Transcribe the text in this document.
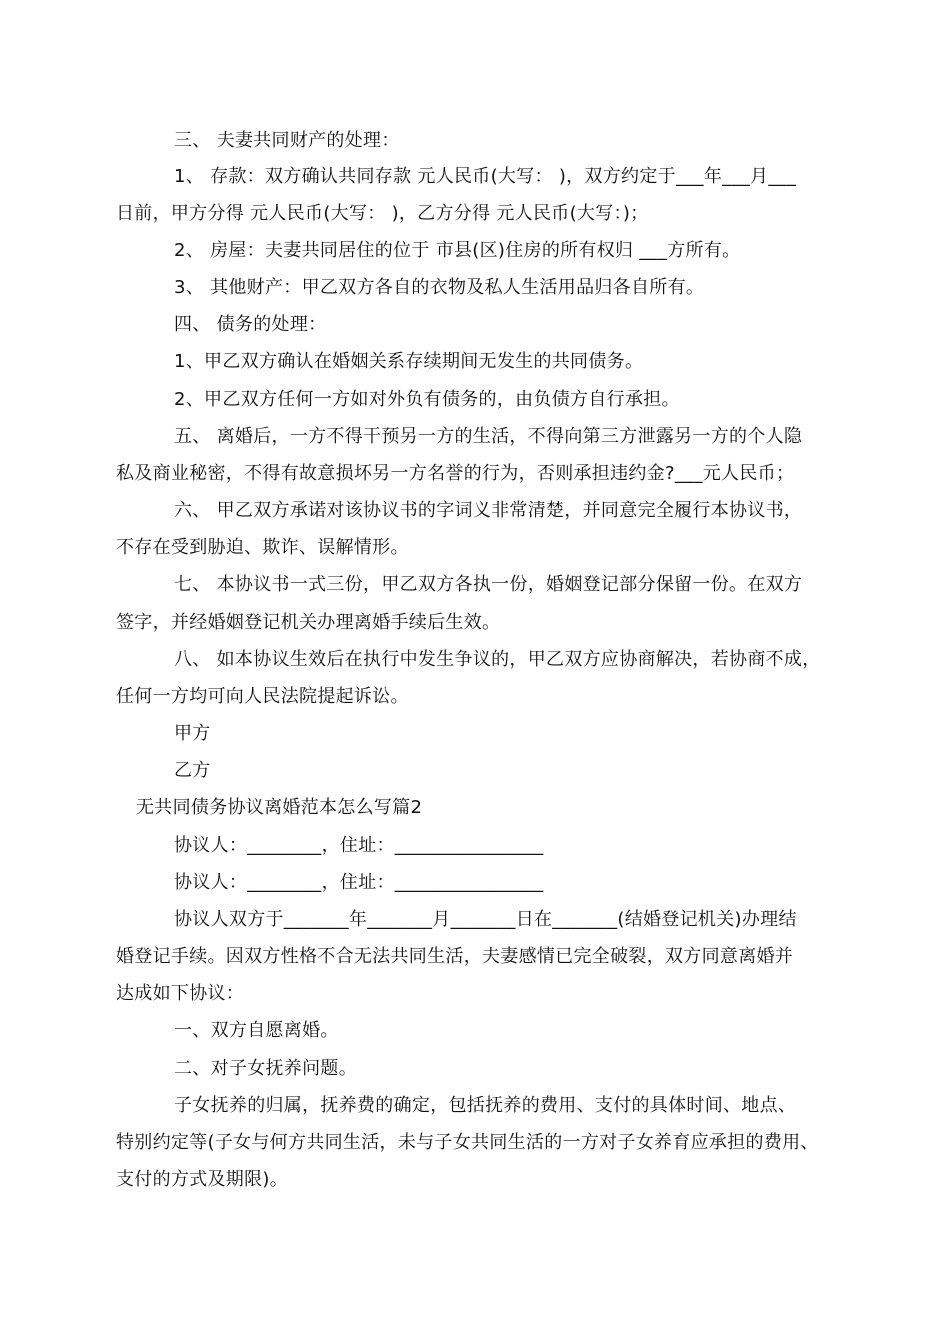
三、 夫妻共同财产的处理：
1、 存款：双方确认共同存款 元人民币(大写： )，双方约定于___年___月___
日前，甲方分得 元人民币(大写： )，乙方分得 元人民币(大写：)；
2、 房屋：夫妻共同居住的位于 市县(区)住房的所有权归 ___方所有。
3、 其他财产：甲乙双方各自的衣物及私人生活用品归各自所有。
四、 债务的处理：
1、甲乙双方确认在婚姻关系存续期间无发生的共同债务。
2、甲乙双方任何一方如对外负有债务的，由负债方自行承担。
五、 离婚后，一方不得干预另一方的生活，不得向第三方泄露另一方的个人隐
私及商业秘密，不得有故意损坏另一方名誉的行为，否则承担违约金?___元人民币；
六、 甲乙双方承诺对该协议书的字词义非常清楚，并同意完全履行本协议书，
不存在受到胁迫、欺诈、误解情形。
七、 本协议书一式三份，甲乙双方各执一份，婚姻登记部分保留一份。在双方
签字，并经婚姻登记机关办理离婚手续后生效。
八、 如本协议生效后在执行中发生争议的，甲乙双方应协商解决，若协商不成，
任何一方均可向人民法院提起诉讼。
甲方
乙方
无共同债务协议离婚范本怎么写篇2
协议人：________，住址：________________
协议人：________，住址：________________
协议人双方于_______年_______月_______日在_______(结婚登记机关)办理结
婚登记手续。因双方性格不合无法共同生活，夫妻感情已完全破裂，双方同意离婚并
达成如下协议：
一、双方自愿离婚。
二、对子女抚养问题。
子女抚养的归属，抚养费的确定，包括抚养的费用、支付的具体时间、地点、
特别约定等(子女与何方共同生活，未与子女共同生活的一方对子女养育应承担的费用、
支付的方式及期限)。
